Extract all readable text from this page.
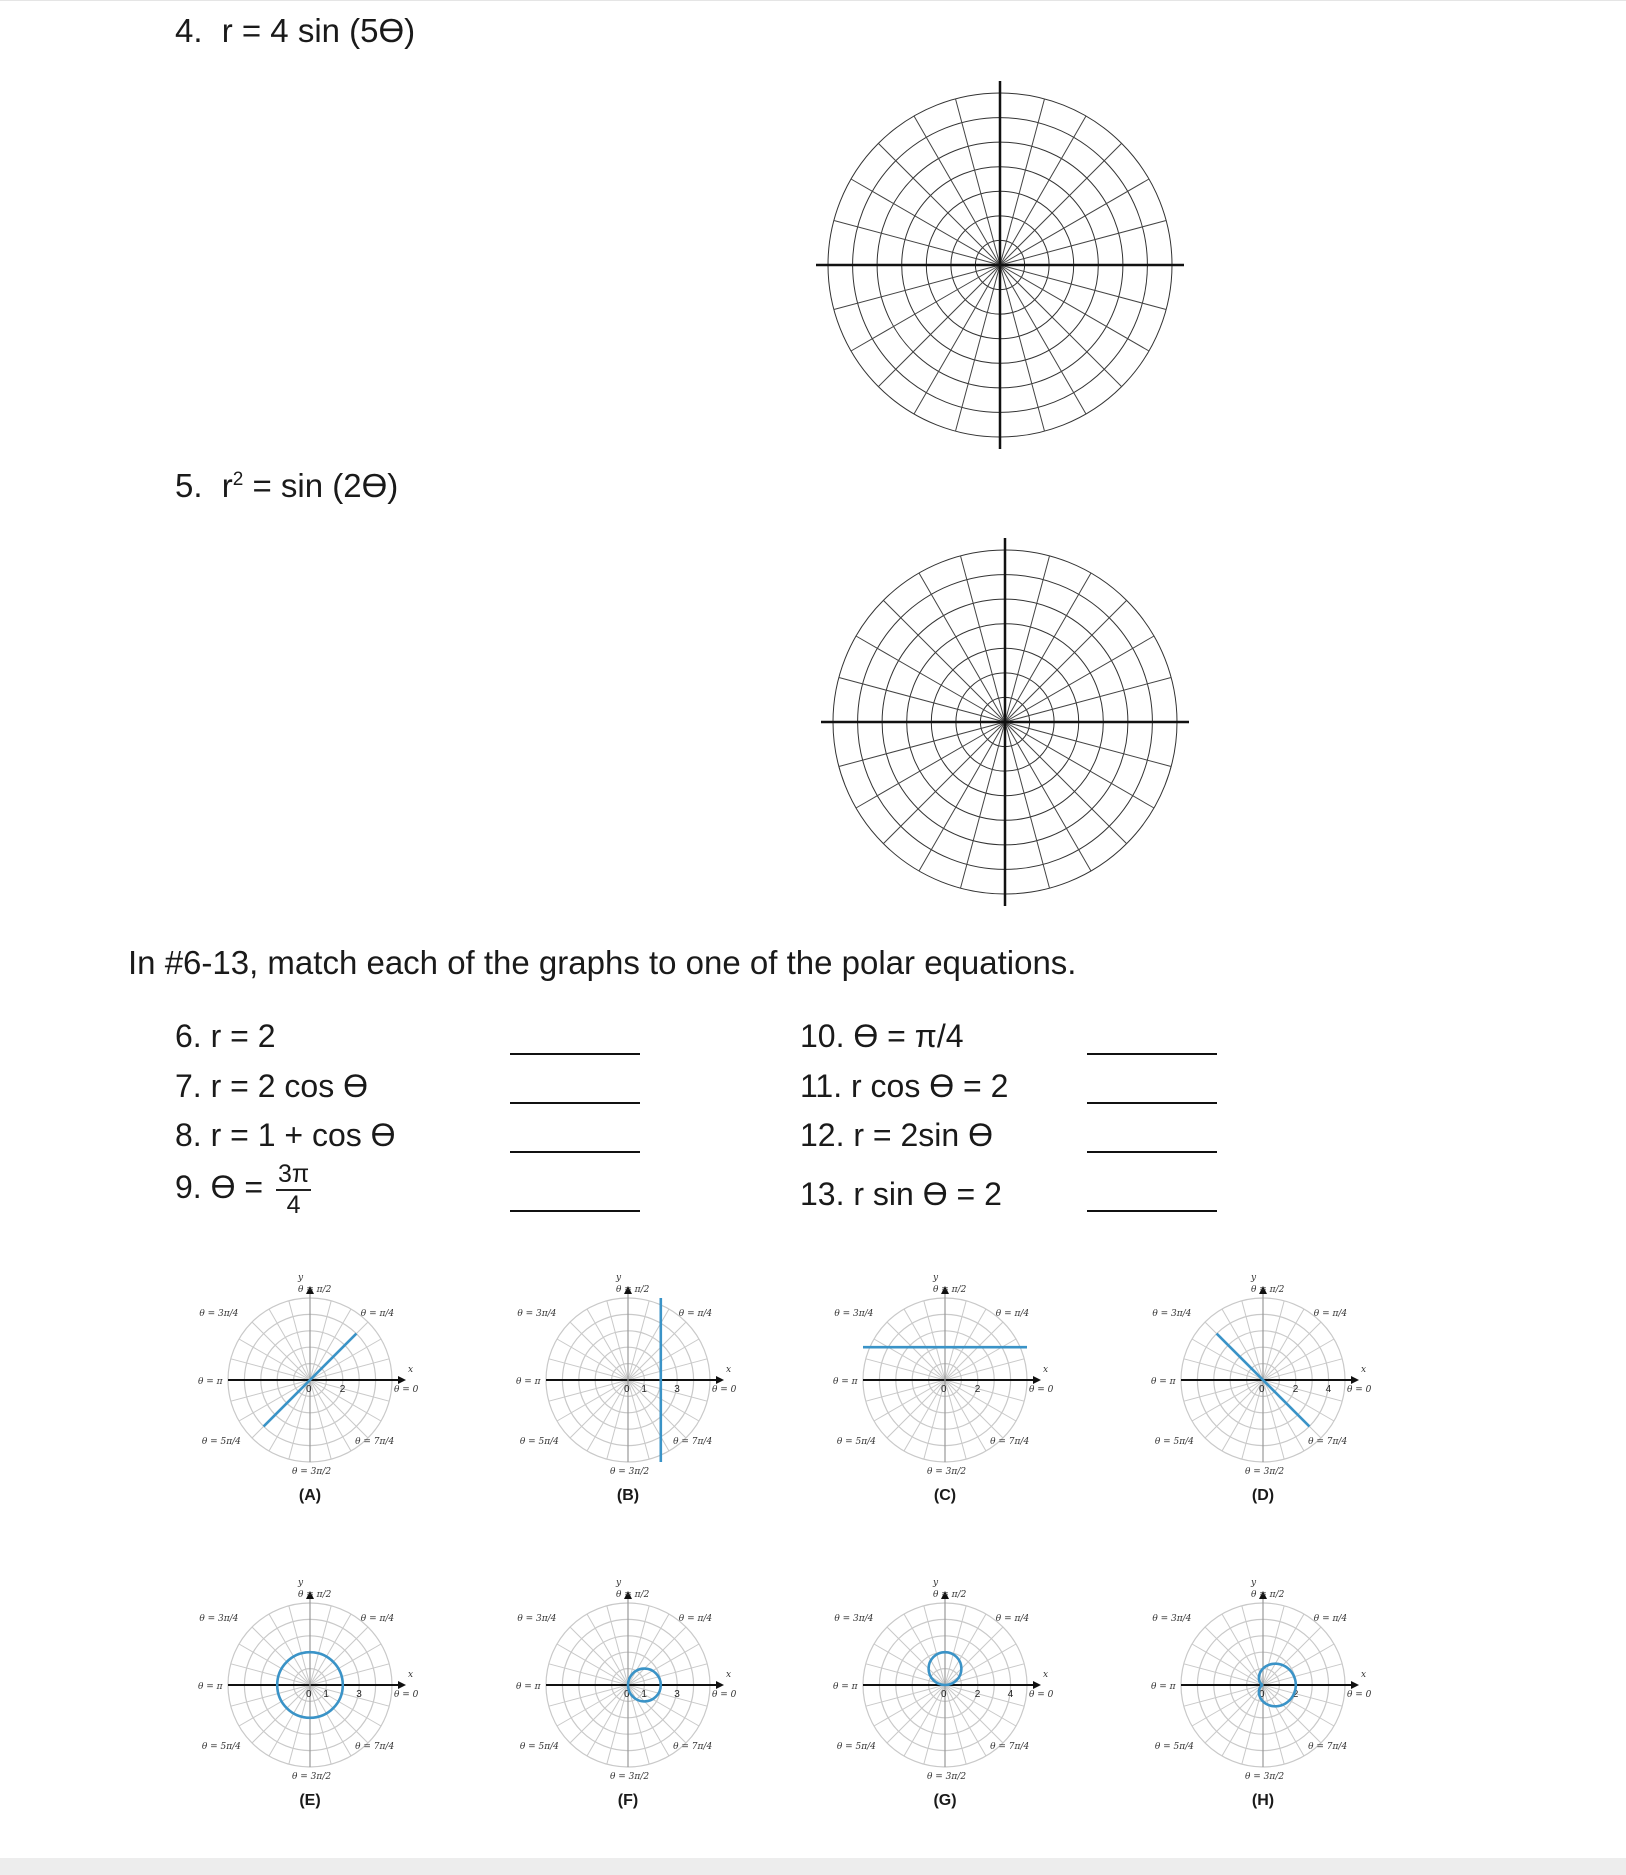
4. r = 4 sin (5ϴ)
5. $r^2 = \sin (2ϴ)$
In #6-13, match each of the graphs to one of the polar equations.
6. r = 2
7. r = 2 cos ϴ
8. r = 1 + cos ϴ
9. $ϴ = \frac{3\pi}{4}$
10. ϴ = π/4
11. r cos ϴ = 2
12. r = 2sin ϴ
13. r sin ϴ = 2
x
y
0
θ = π/2
θ = π/4
θ = 3π/4
θ = π
θ = 0
θ = 5π/4	θ = 7π/4
θ = 3π/2
2
(A)
x
y
0
θ = π/2
θ = π/4
θ = 3π/4
θ = π
θ = 0
θ = 5π/4	θ = 7π/4
θ = 3π/2
1	3
(B)
x
y
0
θ = π/2
θ = π/4
θ = 3π/4
θ = π
θ = 0
θ = 5π/4	θ = 7π/4
θ = 3π/2
2
(C)
x
y
0
θ = π/2
θ = π/4
θ = 3π/4
θ = π
θ = 0
θ = 5π/4	θ = 7π/4
θ = 3π/2
2	4
(D)
x
y
0
θ = π/2
θ = π/4
θ = 3π/4
θ = π
θ = 0
θ = 5π/4	θ = 7π/4
θ = 3π/2
1	3
(E)
x
y
0
θ = π/2
θ = π/4
θ = 3π/4
θ = π
θ = 0
θ = 5π/4	θ = 7π/4
θ = 3π/2
1	3
(F)
x
y
0
θ = π/2
θ = π/4
θ = 3π/4
θ = π
θ = 0
θ = 5π/4	θ = 7π/4
θ = 3π/2
2	4
(G)
x
y
0
θ = π/2
θ = π/4
θ = 3π/4
θ = π
θ = 0
θ = 5π/4	θ = 7π/4
θ = 3π/2
2
(H)
